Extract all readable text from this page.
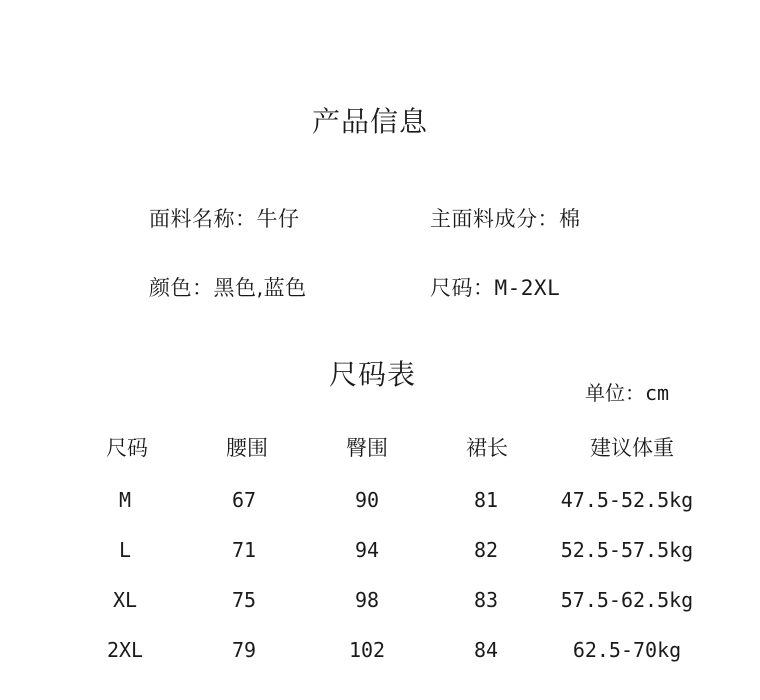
产品信息
面料名称：牛仔	主面料成分：棉
颜色：黑色,蓝色	尺码：M-2XL
尺码表
单位：cm
尺码	腰围	臀围	裙长	建议体重
M	67	90	81	47.5-52.5kg
L	71	94	82	52.5-57.5kg
XL	75	98	83	57.5-62.5kg
2XL	79	102	84	62.5-70kg
